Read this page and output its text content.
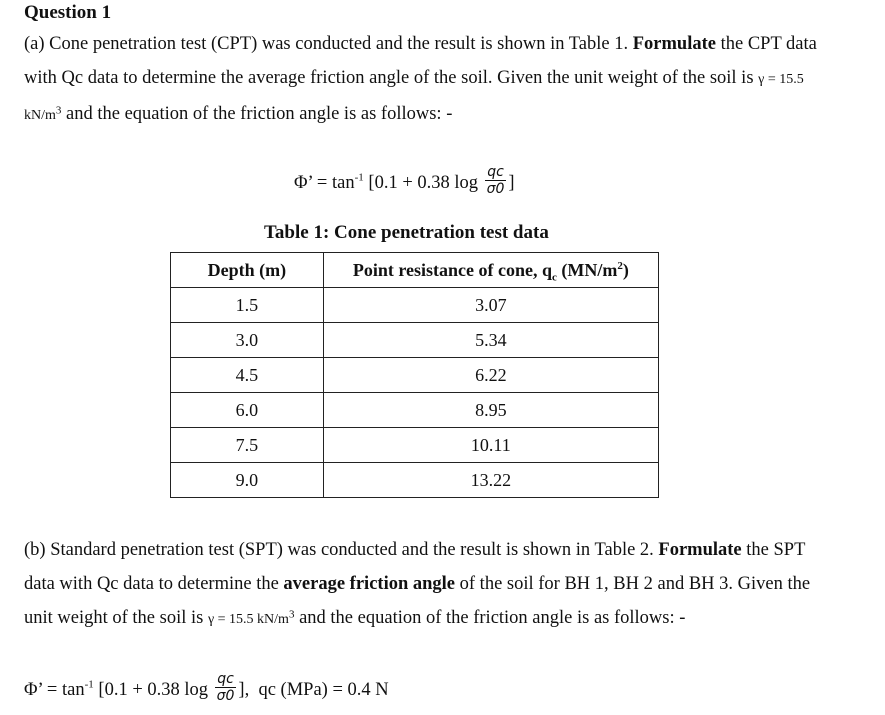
Question 1
(a) Cone penetration test (CPT) was conducted and the result is shown in Table 1. Formulate the CPT data with Qc data to determine the average friction angle of the soil. Given the unit weight of the soil is γ = 15.5 $kN/m^3$ and the equation of the friction angle is as follows: -
Φ’ = $\tan^{-1} [0.1 + 0.38$ $\log \frac{qc}{\sigma 0}$ ]
Table 1: Cone penetration test data
Depth (m)	Point resistance of cone, $q_c$ $(MN/m^2)$
1.5	3.07
3.0	5.34
4.5	6.22
6.0	8.95
7.5	10.11
9.0	13.22
(b) Standard penetration test (SPT) was conducted and the result is shown in Table 2. Formulate the SPT data with Qc data to determine the average friction angle of the soil for BH 1, BH 2 and BH 3. Given the unit weight of the soil is γ = 15.5 $kN/m^3$ and the equation of the friction angle is as follows: -
Φ’ = $\tan^{-1} [0.1 + 0.38$ $\log \frac{qc}{\sigma 0}$ ], qc (MPa) = 0.4 N
